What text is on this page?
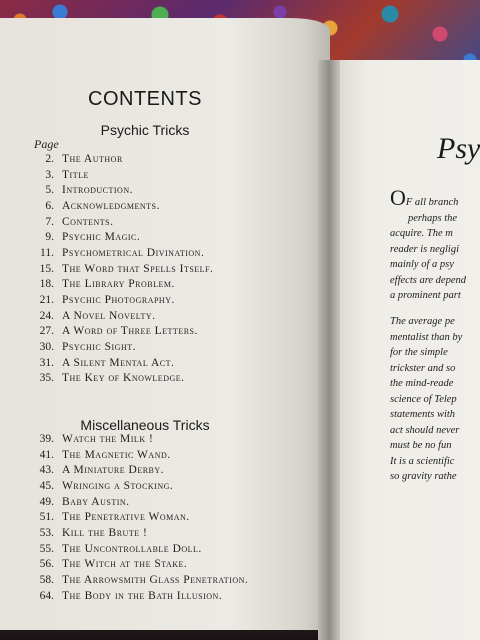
CONTENTS
Psychic Tricks
Page
2. The Author
3. Title
5. Introduction.
6. Acknowledgments.
7. Contents.
9. Psychic Magic.
11. Psychometrical Divination.
15. The Word that Spells Itself.
18. The Library Problem.
21. Psychic Photography.
24. A Novel Novelty.
27. A Word of Three Letters.
30. Psychic Sight.
31. A Silent Mental Act.
35. The Key of Knowledge.
Miscellaneous Tricks
39. Watch the Milk !
41. The Magnetic Wand.
43. A Miniature Derby.
45. Wringing a Stocking.
49. Baby Austin.
51. The Penetrative Woman.
53. Kill the Brute !
55. The Uncontrollable Doll.
56. The Witch at the Stake.
58. The Arrowsmith Glass Penetration.
64. The Body in the Bath Illusion.
Psy
OF all branch
perhaps the
acquire. The m
reader is negligi
mainly of a psy
effects are depend
a prominent part
The average pe
mentalist than by
for the simple
trickster and so
the mind-reade
science of Telep
statements with
act should never
must be no fun
It is a scientific
so gravity rathe
